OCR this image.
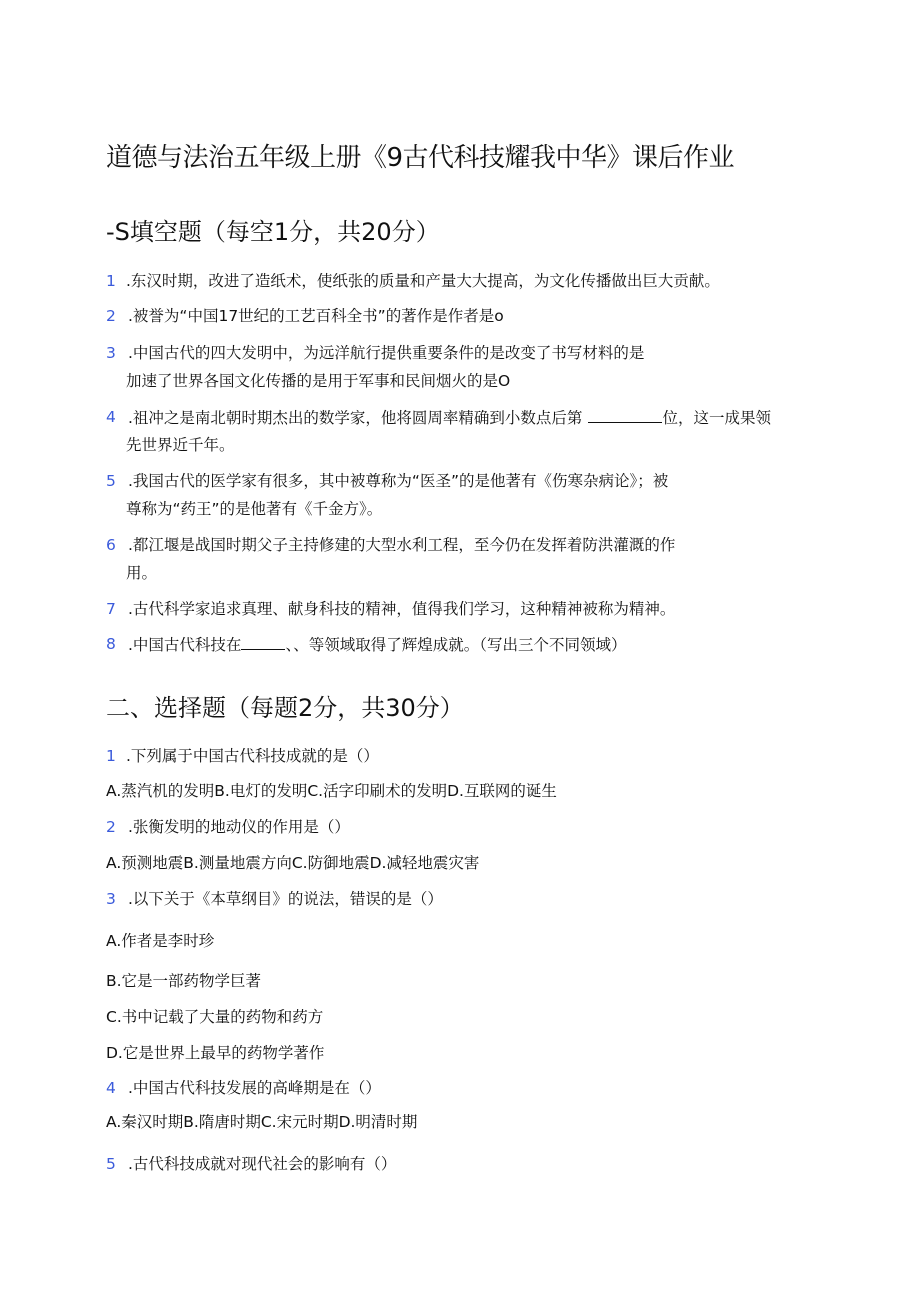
道德与法治五年级上册《9古代科技耀我中华》课后作业
-S填空题（每空1分，共20分）
1 .东汉时期，改进了造纸术，使纸张的质量和产量大大提高，为文化传播做出巨大贡献。
2 .被誉为“中国17世纪的工艺百科全书”的著作是作者是o
3 .中国古代的四大发明中，为远洋航行提供重要条件的是改变了书写材料的是
加速了世界各国文化传播的是用于军事和民间烟火的是O
4 .祖冲之是南北朝时期杰出的数学家，他将圆周率精确到小数点后第	位，这一成果领
先世界近千年。
5 .我国古代的医学家有很多，其中被尊称为“医圣”的是他著有《伤寒杂病论》；被
尊称为“药王”的是他著有《千金方》。
6 .都江堰是战国时期父子主持修建的大型水利工程，至今仍在发挥着防洪灌溉的作
用。
7 .古代科学家追求真理、献身科技的精神，值得我们学习，这种精神被称为精神。
8 .中国古代科技在	、、等领域取得了辉煌成就。（写出三个不同领域）
二、选择题（每题2分，共30分）
1 .下列属于中国古代科技成就的是（）
A.蒸汽机的发明B.电灯的发明C.活字印刷术的发明D.互联网的诞生
2 .张衡发明的地动仪的作用是（）
A.预测地震B.测量地震方向C.防御地震D.减轻地震灾害
3 .以下关于《本草纲目》的说法，错误的是（）
A.作者是李时珍
B.它是一部药物学巨著
C.书中记载了大量的药物和药方
D.它是世界上最早的药物学著作
4 .中国古代科技发展的高峰期是在（）
A.秦汉时期B.隋唐时期C.宋元时期D.明清时期
5 .古代科技成就对现代社会的影响有（）
